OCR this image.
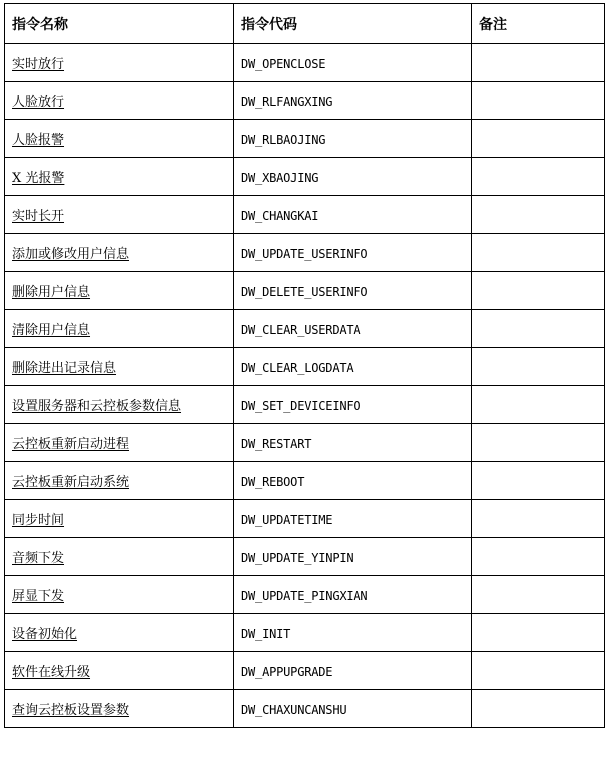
指令名称	指令代码	备注
实时放行	DW_OPENCLOSE	
人脸放行	DW_RLFANGXING	
人脸报警	DW_RLBAOJING	
X 光报警	DW_XBAOJING	
实时长开	DW_CHANGKAI	
添加或修改用户信息	DW_UPDATE_USERINFO	
删除用户信息	DW_DELETE_USERINFO	
清除用户信息	DW_CLEAR_USERDATA	
删除进出记录信息	DW_CLEAR_LOGDATA	
设置服务器和云控板参数信息	DW_SET_DEVICEINFO	
云控板重新启动进程	DW_RESTART	
云控板重新启动系统	DW_REBOOT	
同步时间	DW_UPDATETIME	
音频下发	DW_UPDATE_YINPIN	
屏显下发	DW_UPDATE_PINGXIAN	
设备初始化	DW_INIT	
软件在线升级	DW_APPUPGRADE	
查询云控板设置参数	DW_CHAXUNCANSHU	
